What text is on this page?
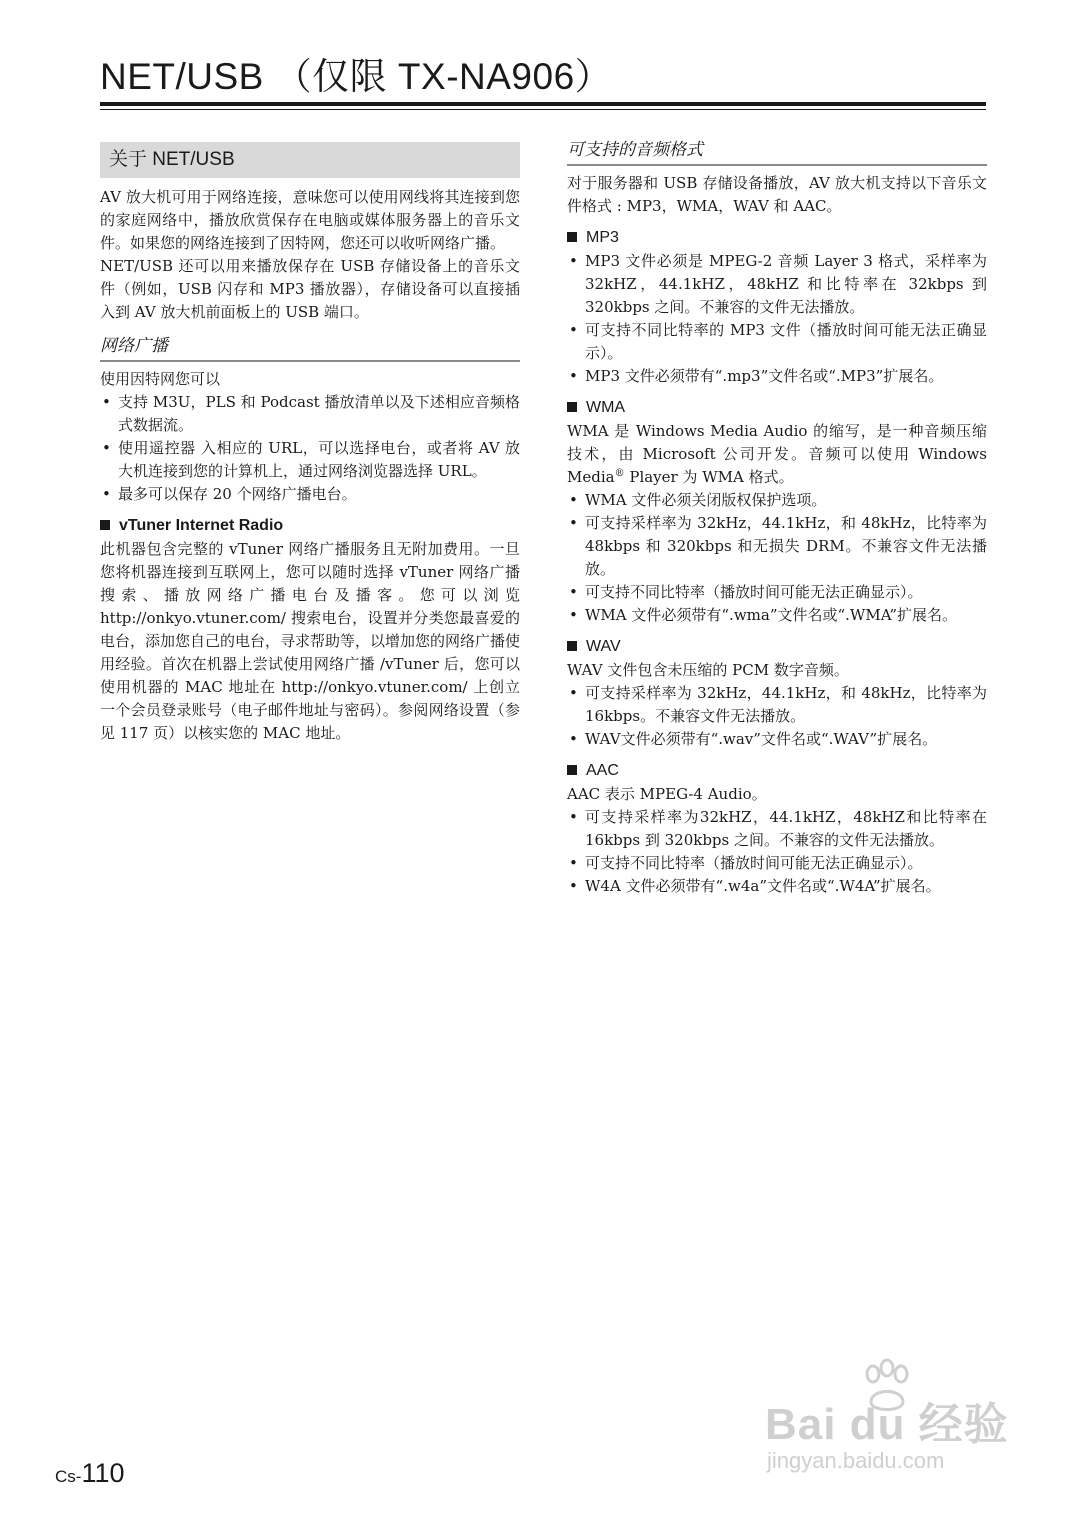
NET/USB （仅限 TX-NA906）
关于 NET/USB

AV 放大机可用于网络连接，意味您可以使用网线将其连接到您的家庭网络中，播放欣赏保存在电脑或媒体服务器上的音乐文件。如果您的网络连接到了因特网，您还可以收听网络广播。

NET/USB 还可以用来播放保存在 USB 存储设备上的音乐文件（例如，USB 闪存和 MP3 播放器），存储设备可以直接插入到 AV 放大机前面板上的 USB 端口。

网络广播

使用因特网您可以

• 支持 M3U，PLS 和 Podcast 播放清单以及下述相应音频格式数据流。
• 使用遥控器 入相应的 URL，可以选择电台，或者将 AV 放大机连接到您的计算机上，通过网络浏览器选择 URL。
• 最多可以保存 20 个网络广播电台。
vTuner Internet Radio

此机器包含完整的 vTuner 网络广播服务且无附加费用。一旦您将机器连接到互联网上，您可以随时选择 vTuner 网络广播搜索、播放网络广播电台及播客。您可以浏览 http://onkyo.vtuner.com/ 搜索电台，设置并分类您最喜爱的电台，添加您自己的电台，寻求帮助等，以增加您的网络广播使用经验。首次在机器上尝试使用网络广播 /vTuner 后，您可以使用机器的 MAC 地址在 http://onkyo.vtuner.com/ 上创立一个会员登录账号（电子邮件地址与密码）。参阅网络设置（参见 117 页）以核实您的 MAC 地址。

可支持的音频格式

对于服务器和 USB 存储设备播放，AV 放大机支持以下音乐文件格式 : MP3，WMA，WAV 和 AAC。

MP3
• MP3 文件必须是 MPEG-2 音频 Layer 3 格式，采样率为 32kHZ，44.1kHZ，48kHZ 和比特率在 32kbps 到 320kbps 之间。不兼容的文件无法播放。
• 可支持不同比特率的 MP3 文件（播放时间可能无法正确显示）。
• MP3 文件必须带有“.mp3”文件名或“.MP3”扩展名。
WMA

WMA 是 Windows Media Audio 的缩写，是一种音频压缩技术，由 Microsoft 公司开发。音频可以使用 Windows Media® Player 为 WMA 格式。

• WMA 文件必须关闭版权保护选项。
• 可支持采样率为 32kHz，44.1kHz，和 48kHz，比特率为 48kbps 和 320kbps 和无损失 DRM。不兼容文件无法播放。
• 可支持不同比特率（播放时间可能无法正确显示）。
• WMA 文件必须带有“.wma”文件名或“.WMA”扩展名。
WAV

WAV 文件包含未压缩的 PCM 数字音频。

• 可支持采样率为 32kHz，44.1kHz，和 48kHz，比特率为 16kbps。不兼容文件无法播放。
• WAV文件必须带有“.wav”文件名或“.WAV”扩展名。
AAC

AAC 表示 MPEG-4 Audio。

• 可支持采样率为32kHZ，44.1kHZ，48kHZ和比特率在 16kbps 到 320kbps 之间。不兼容的文件无法播放。
• 可支持不同比特率（播放时间可能无法正确显示）。
• W4A 文件必须带有“.w4a”文件名或“.W4A”扩展名。
Cs-110
Bai du 经验
jingyan.baidu.com
